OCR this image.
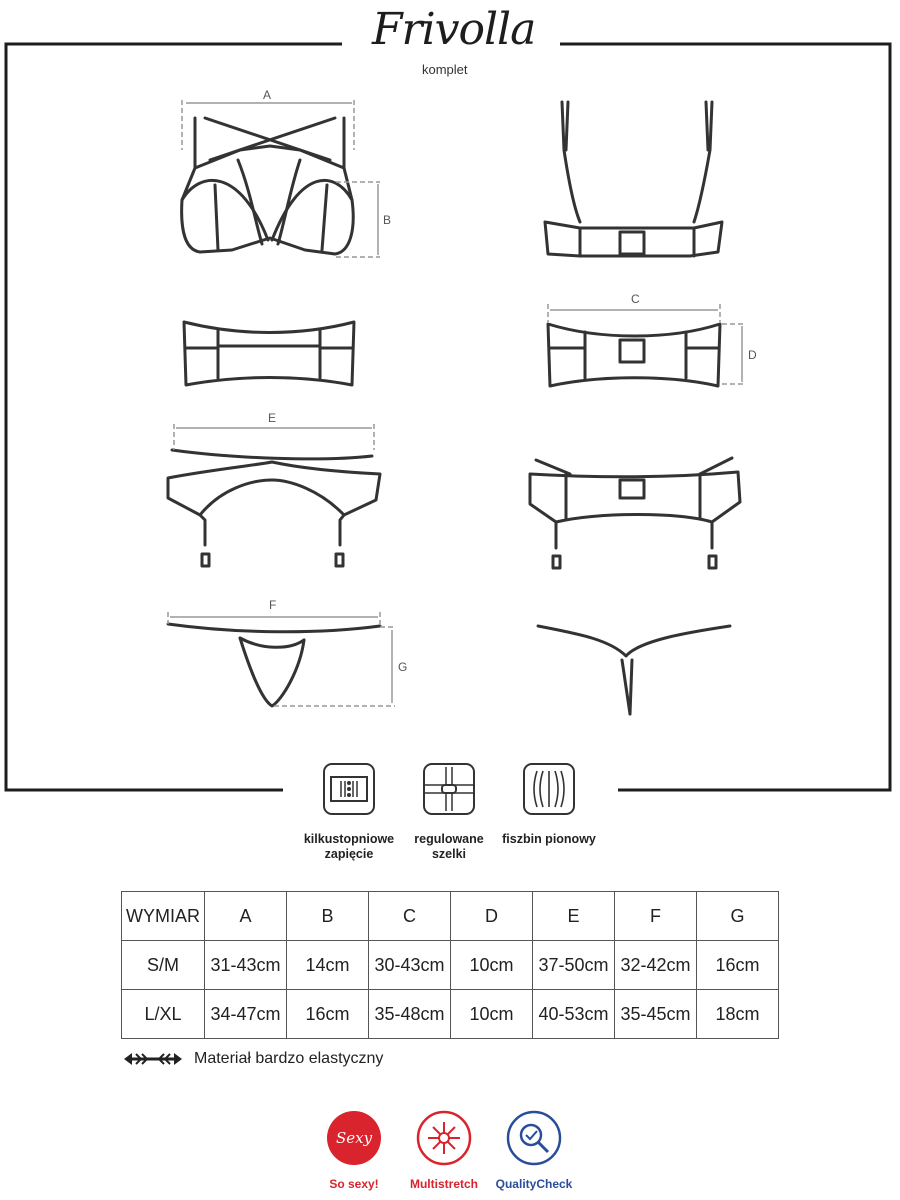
Frivolla
komplet
A
B
C
D
E
F
G
kilkustopniowe
zapięcie
regulowane
szelki
fiszbin pionowy
WYMIAR	A	B	C	D	E	F	G
S/M	31-43cm	14cm	30-43cm	10cm	37-50cm	32-42cm	16cm
L/XL	34-47cm	16cm	35-48cm	10cm	40-53cm	35-45cm	18cm
Materiał bardzo elastyczny
Sexy
So sexy!	Multistretch	QualityCheck
